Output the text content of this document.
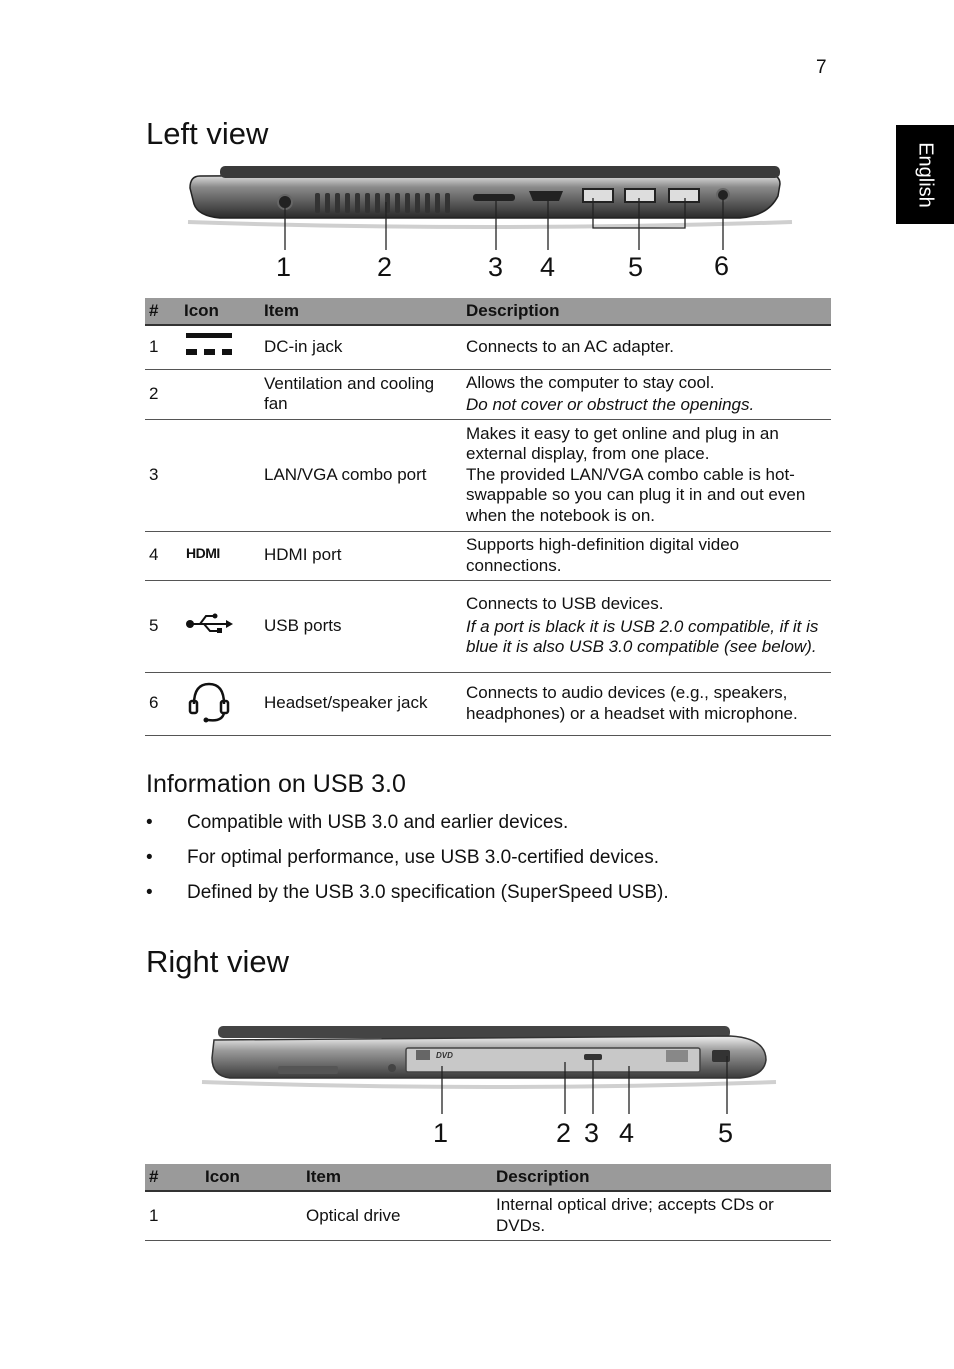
7
English
Left view
1	2	3 4	5	6
#	Icon	Item	Description
1		DC-in jack	Connects to an AC adapter.

2		Ventilation and cooling fan	Allows the computer to stay cool.

Do not cover or obstruct the openings.

3		LAN/VGA combo port	Makes it easy to get online and plug in an external display, from one place.

The provided LAN/VGA combo cable is hot-swappable so you can plug it in and out even when the notebook is on.

4	HDMI	HDMI port	Supports high-definition digital video connections.

5		USB ports	Connects to USB devices.

If a port is black it is USB 2.0 compatible, if it is blue it is also USB 3.0 compatible (see below).

6		Headset/speaker jack	Connects to audio devices (e.g., speakers, headphones) or a headset with microphone.

Information on USB 3.0
• Compatible with USB 3.0 and earlier devices.
• For optimal performance, use USB 3.0-certified devices.
• Defined by the USB 3.0 specification (SuperSpeed USB).
Right view
DVD
1	2 3 4	5
#	Icon	Item	Description
1		Optical drive	Internal optical drive; accepts CDs or DVDs.
